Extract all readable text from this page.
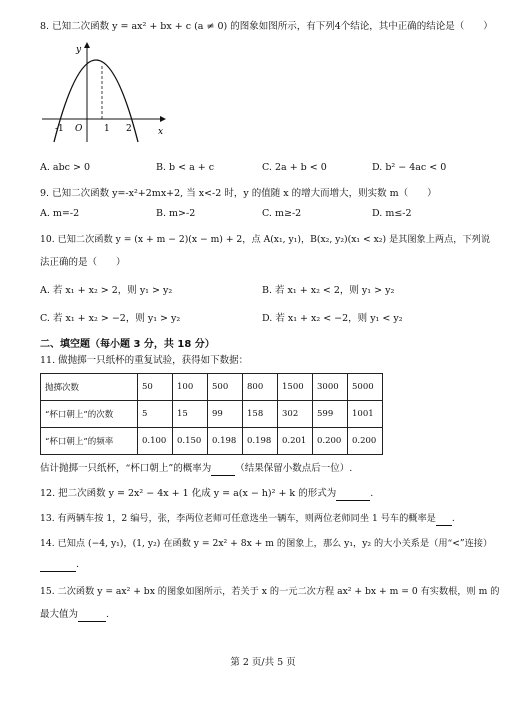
8. 已知二次函数 y = ax² + bx + c (a ≠ 0) 的图象如图所示，有下列4个结论，其中正确的结论是（　　）
y
x
O
-1	1 2
A. abc > 0	B. b < a + c	C. 2a + b < 0	D. b² − 4ac < 0
9. 已知二次函数 y=-x²+2mx+2, 当 x<-2 时，y 的值随 x 的增大而增大，则实数 m（　　）
A. m=-2	B. m>-2	C. m≥-2	D. m≤-2
10. 已知二次函数 y = (x + m − 2)(x − m) + 2，点 A(x₁, y₁)，B(x₂, y₂)(x₁ < x₂) 是其图象上两点，下列说
法正确的是（　　）
A. 若 x₁ + x₂ > 2，则 y₁ > y₂	B. 若 x₁ + x₂ < 2，则 y₁ > y₂
C. 若 x₁ + x₂ > −2，则 y₁ > y₂	D. 若 x₁ + x₂ < −2，则 y₁ < y₂
二、填空题（每小题 3 分，共 18 分）
11. 做抛掷一只纸杯的重复试验，获得如下数据：
抛掷次数	50	100	500	800	1500	3000	5000
“杯口朝上”的次数	5	15	99	158	302	599	1001
“杯口朝上”的频率	0.100	0.150	0.198	0.198	0.201	0.200	0.200
估计抛掷一只纸杯，“杯口朝上”的概率为	（结果保留小数点后一位）.
12. 把二次函数 y = 2x² − 4x + 1 化成 y = a(x − h)² + k 的形式为	.
13. 有两辆车按 1，2 编号，张，李两位老师可任意选坐一辆车，则两位老师同坐 1 号车的概率是 .
14. 已知点 (−4, y₁)，(1, y₂) 在函数 y = 2x² + 8x + m 的图象上，那么 y₁，y₂ 的大小关系是（用“<”连接）
.
15. 二次函数 y = ax² + bx 的图象如图所示，若关于 x 的一元二次方程 ax² + bx + m = 0 有实数根，则 m 的
最大值为	.
第 2 页/共 5 页
